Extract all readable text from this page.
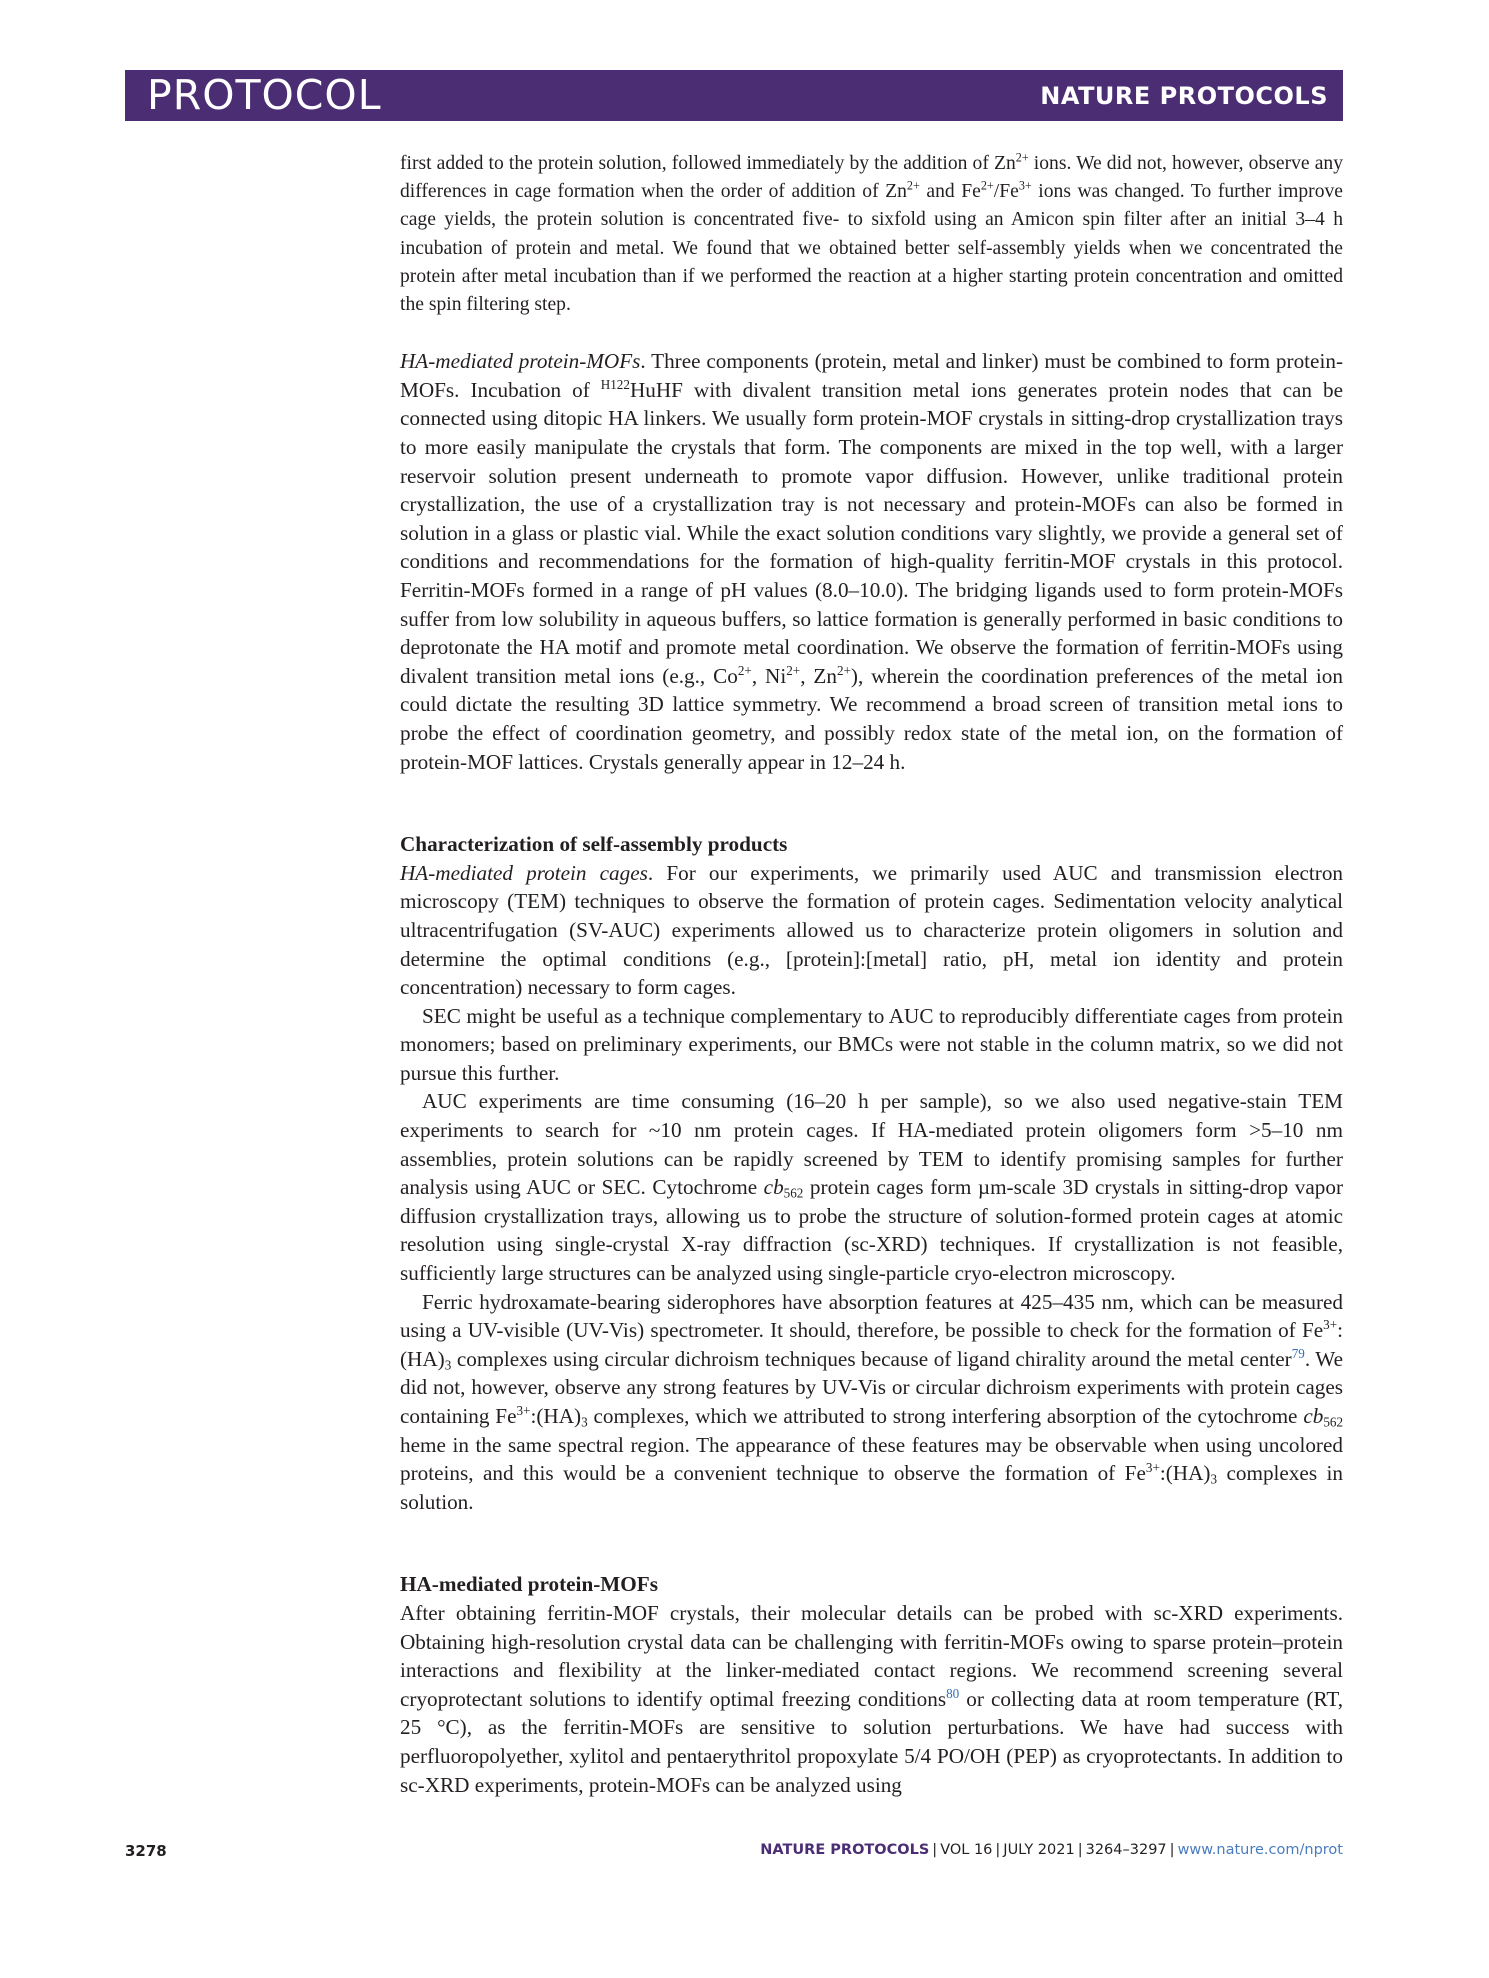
PROTOCOL	NATURE PROTOCOLS

first added to the protein solution, followed immediately by the addition of $Zn^{2+}$ ions. We did not, however, observe any differences in cage formation when the order of addition of $Zn^{2+}$ and $Fe^{2+}/Fe^{3+}$ ions was changed. To further improve cage yields, the protein solution is concentrated five- to sixfold using an Amicon spin filter after an initial 3–4 h incubation of protein and metal. We found that we obtained better self-assembly yields when we concentrated the protein after metal incubation than if we performed the reaction at a higher starting protein concentration and omitted the spin filtering step.

HA-mediated protein-MOFs. Three components (protein, metal and linker) must be combined to form protein-MOFs. Incubation of $^{H122}$HuHF with divalent transition metal ions generates protein nodes that can be connected using ditopic HA linkers. We usually form protein-MOF crystals in sitting-drop crystallization trays to more easily manipulate the crystals that form. The components are mixed in the top well, with a larger reservoir solution present underneath to promote vapor diffusion. However, unlike traditional protein crystallization, the use of a crystallization tray is not necessary and protein-MOFs can also be formed in solution in a glass or plastic vial. While the exact solution conditions vary slightly, we provide a general set of conditions and recommendations for the formation of high-quality ferritin-MOF crystals in this protocol. Ferritin-MOFs formed in a range of pH values (8.0–10.0). The bridging ligands used to form protein-MOFs suffer from low solubility in aqueous buffers, so lattice formation is generally performed in basic conditions to deprotonate the HA motif and promote metal coordination. We observe the formation of ferritin-MOFs using divalent transition metal ions (e.g., $Co^{2+}$, $Ni^{2+}$, $Zn^{2+}$), wherein the coordination preferences of the metal ion could dictate the resulting 3D lattice symmetry. We recommend a broad screen of transition metal ions to probe the effect of coordination geometry, and possibly redox state of the metal ion, on the formation of protein-MOF lattices. Crystals generally appear in 12–24 h.

Characterization of self-assembly products

HA-mediated protein cages. For our experiments, we primarily used AUC and transmission electron microscopy (TEM) techniques to observe the formation of protein cages. Sedimentation velocity analytical ultracentrifugation (SV-AUC) experiments allowed us to characterize protein oligomers in solution and determine the optimal conditions (e.g., [protein]:[metal] ratio, pH, metal ion identity and protein concentration) necessary to form cages.

SEC might be useful as a technique complementary to AUC to reproducibly differentiate cages from protein monomers; based on preliminary experiments, our BMCs were not stable in the column matrix, so we did not pursue this further.

AUC experiments are time consuming (16–20 h per sample), so we also used negative-stain TEM experiments to search for ~10 nm protein cages. If HA-mediated protein oligomers form >5–10 nm assemblies, protein solutions can be rapidly screened by TEM to identify promising samples for further analysis using AUC or SEC. Cytochrome $cb_{562}$ protein cages form µm-scale 3D crystals in sitting-drop vapor diffusion crystallization trays, allowing us to probe the structure of solution-formed protein cages at atomic resolution using single-crystal X-ray diffraction (sc-XRD) techniques. If crystallization is not feasible, sufficiently large structures can be analyzed using single-particle cryo-electron microscopy.

Ferric hydroxamate-bearing siderophores have absorption features at 425–435 nm, which can be measured using a UV-visible (UV-Vis) spectrometer. It should, therefore, be possible to check for the formation of $Fe^{3+}:(HA)_3$ complexes using circular dichroism techniques because of ligand chirality around the metal center$^{79}$. We did not, however, observe any strong features by UV-Vis or circular dichroism experiments with protein cages containing $Fe^{3+}:(HA)_3$ complexes, which we attributed to strong interfering absorption of the cytochrome $cb_{562}$ heme in the same spectral region. The appearance of these features may be observable when using uncolored proteins, and this would be a convenient technique to observe the formation of $Fe^{3+}:(HA)_3$ complexes in solution.

HA-mediated protein-MOFs

After obtaining ferritin-MOF crystals, their molecular details can be probed with sc-XRD experiments. Obtaining high-resolution crystal data can be challenging with ferritin-MOFs owing to sparse protein–protein interactions and flexibility at the linker-mediated contact regions. We recommend screening several cryoprotectant solutions to identify optimal freezing conditions$^{80}$ or collecting data at room temperature (RT, 25 °C), as the ferritin-MOFs are sensitive to solution perturbations. We have had success with perfluoropolyether, xylitol and pentaerythritol propoxylate 5/4 PO/OH (PEP) as cryoprotectants. In addition to sc-XRD experiments, protein-MOFs can be analyzed using

3278	NATURE PROTOCOLS | VOL 16 | JULY 2021 | 3264–3297 | www.nature.com/nprot
